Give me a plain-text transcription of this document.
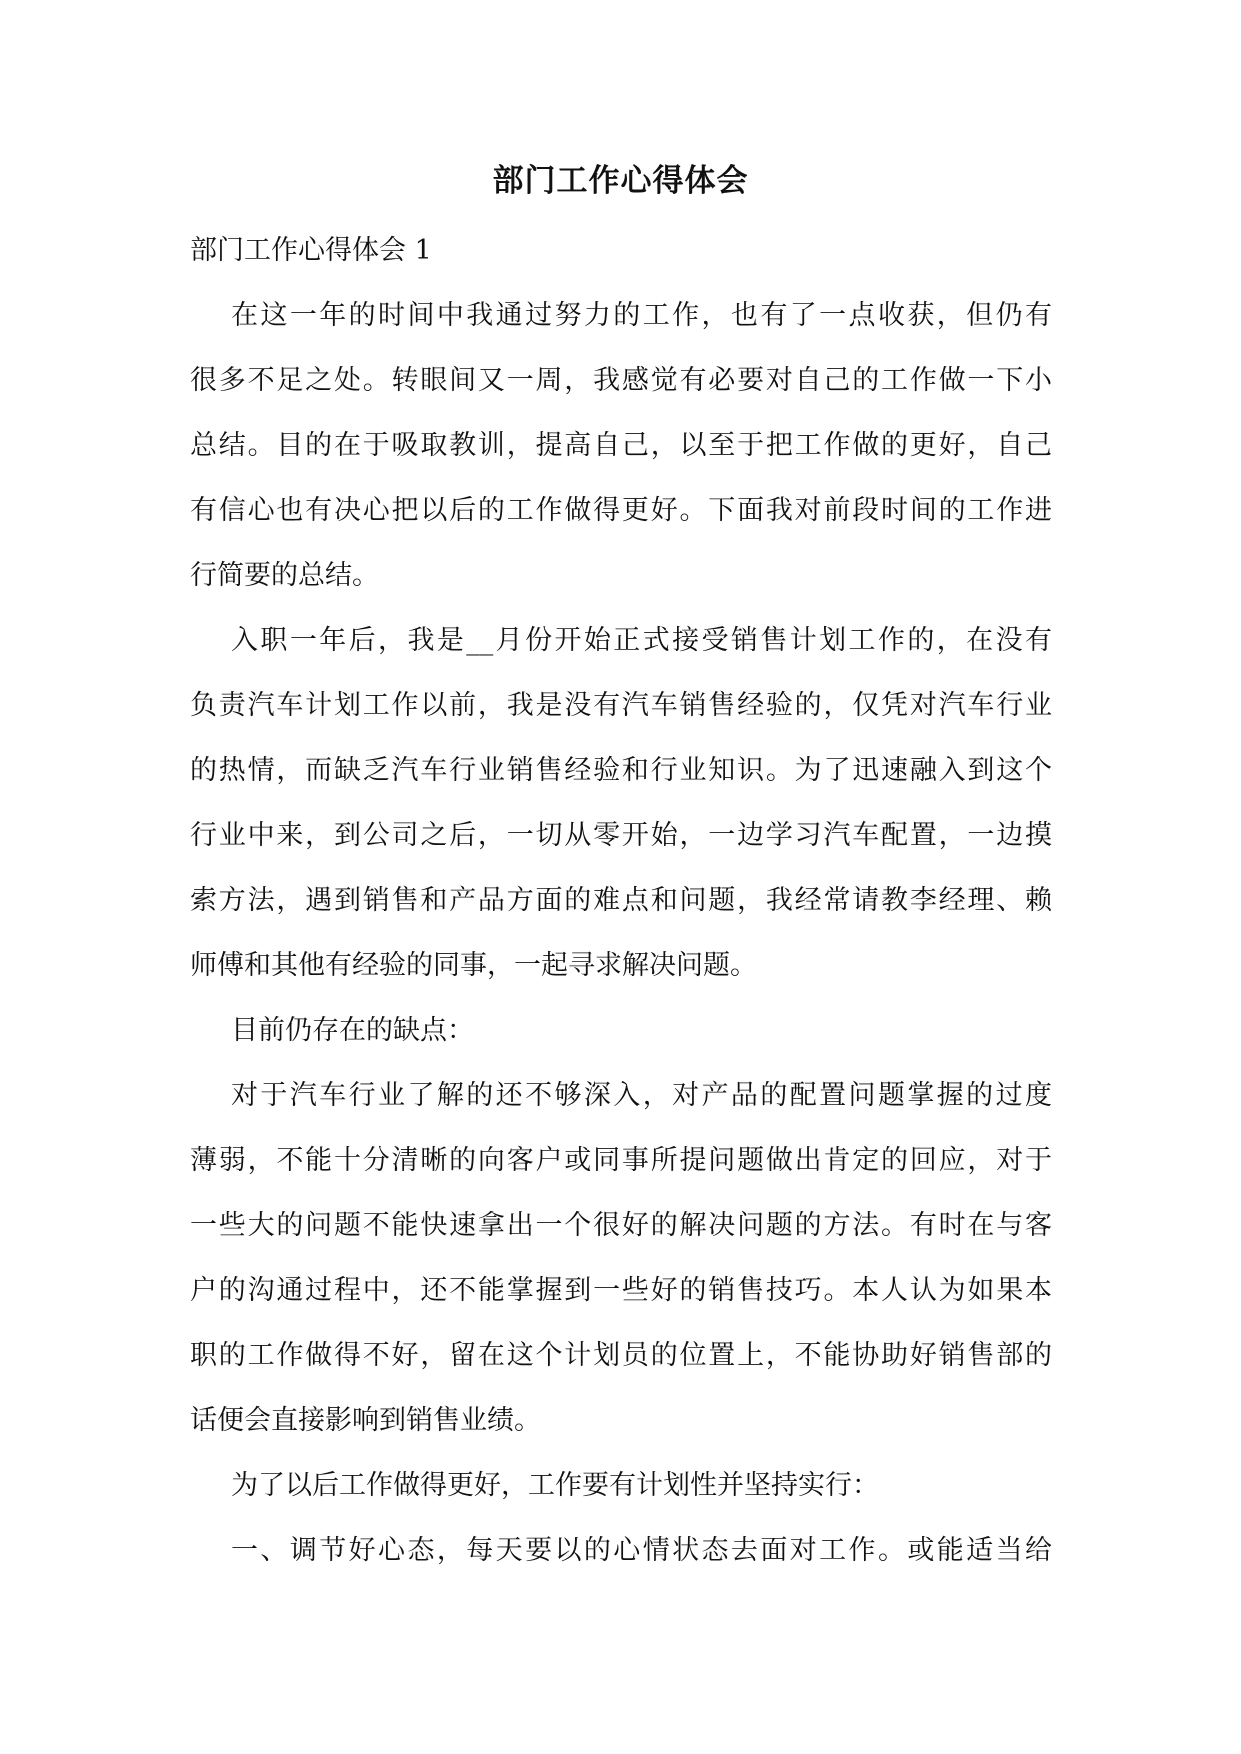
部门工作心得体会
部门工作心得体会 1
在这一年的时间中我通过努力的工作，也有了一点收获，但仍有
很多不足之处。转眼间又一周，我感觉有必要对自己的工作做一下小
总结。目的在于吸取教训，提高自己，以至于把工作做的更好，自己
有信心也有决心把以后的工作做得更好。下面我对前段时间的工作进
行简要的总结。
入职一年后，我是__月份开始正式接受销售计划工作的，在没有
负责汽车计划工作以前，我是没有汽车销售经验的，仅凭对汽车行业
的热情，而缺乏汽车行业销售经验和行业知识。为了迅速融入到这个
行业中来，到公司之后，一切从零开始，一边学习汽车配置，一边摸
索方法，遇到销售和产品方面的难点和问题，我经常请教李经理、赖
师傅和其他有经验的同事，一起寻求解决问题。
目前仍存在的缺点：
对于汽车行业了解的还不够深入，对产品的配置问题掌握的过度
薄弱，不能十分清晰的向客户或同事所提问题做出肯定的回应，对于
一些大的问题不能快速拿出一个很好的解决问题的方法。有时在与客
户的沟通过程中，还不能掌握到一些好的销售技巧。本人认为如果本
职的工作做得不好，留在这个计划员的位置上，不能协助好销售部的
话便会直接影响到销售业绩。
为了以后工作做得更好，工作要有计划性并坚持实行：
一、调节好心态，每天要以的心情状态去面对工作。或能适当给
